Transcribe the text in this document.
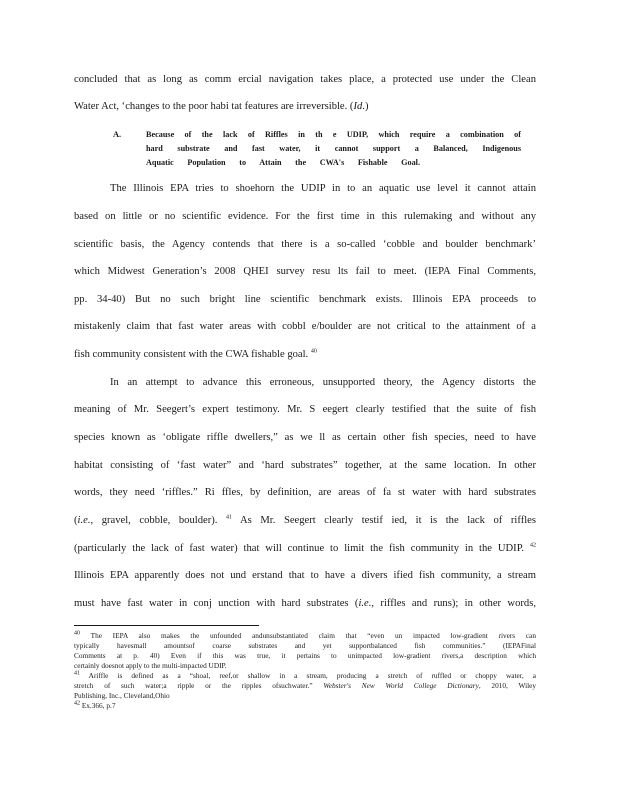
concluded that as long as comm ercial navigation takes place, a protected use under the Clean
Water Act, ‘changes to the poor habi tat features are irreversible. (Id.)
A.	Because of the lack of Riffles in th e UDIP, which require a combination of
hard substrate and fast water, it cannot support a Balanced, Indigenous
Aquatic Population to Attain the CWA's Fishable Goal.
The Illinois EPA tries to shoehorn the UDIP in to an aquatic use level it cannot attain
based on little or no scientific evidence. For the first time in this rulemaking and without any
scientific basis, the Agency contends that there is a so-called ‘cobble and boulder benchmark’
which Midwest Generation’s 2008 QHEI survey resu lts fail to meet. (IEPA Final Comments,
pp. 34-40) But no such bright line scientific benchmark exists. Illinois EPA proceeds to
mistakenly claim that fast water areas with cobbl e/boulder are not critical to the attainment of a
fish community consistent with the CWA fishable goal. $^{40}$
In an attempt to advance this erroneous, unsupported theory, the Agency distorts the
meaning of Mr. Seegert’s expert testimony. Mr. S eegert clearly testified that the suite of fish
species known as ‘obligate riffle dwellers,” as we ll as certain other fish species, need to have
habitat consisting of ‘fast water” and ‘hard substrates” together, at the same location. In other
words, they need ‘riffles.” Ri ffles, by definition, are areas of fa st water with hard substrates
(i.e., gravel, cobble, boulder). $^{41}$ As Mr. Seegert clearly testif ied, it is the lack of riffles
(particularly the lack of fast water) that will continue to limit the fish community in the UDIP. $^{42}$
Illinois EPA apparently does not und erstand that to have a divers ified fish community, a stream
must have fast water in conj unction with hard substrates (i.e., riffles and runs); in other words,
$^{40}$ The IEPA also makes the unfounded andunsubstantiated claim that “even un impacted low-gradient rivers can
typically havesmall amountsof coarse substrates and yet supportbalanced fish communities.” (IEPAFinal
Comments at p. 40) Even if this was true, it pertains to unimpacted low-gradient rivers,a description which
certainly doesnot apply to the multi-impacted UDIP.
$^{41}$ Ariffle is defined as a “shoal, reef,or shallow in a stream, producing a stretch of ruffled or choppy water, a
stretch of such water;a ripple or the ripples ofsuchwater.” Webster's New World College Dictionary, 2010, Wiley
Publishing, Inc., Cleveland,Ohio
$^{42}$ Ex.366, p.7
